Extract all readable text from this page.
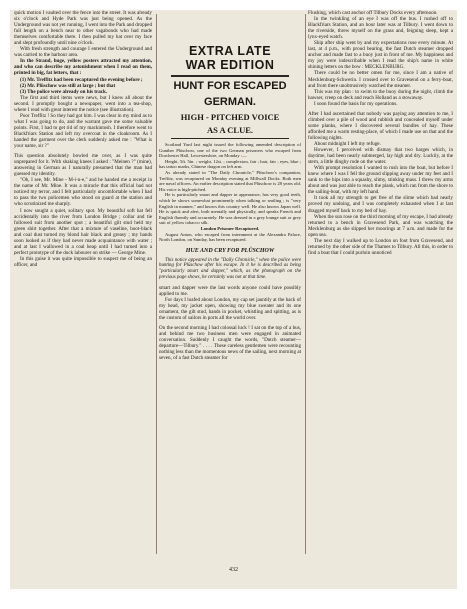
quick motion I vaulted over the fence into the street. It was already six o'clock and Hyde Park was just being opened. As the Underground was not yet running, I went into the Park and dropped full length on a bench near to other vagabonds who had made themselves comfortable there. I then pulled my hat over my face and slept profoundly until nine o'clock.

With fresh strength and courage I entered the Underground and was carried to the harbour area.

In the Strand, huge, yellow posters attracted my attention, and who can describe my astonishment when I read on them, printed in big, fat letters, that :

(1) Mr. Treffitz had been recaptured the evening before ;

(2) Mr. Plüschow was still at large ; but that

(3) The police were already on his track.

The first and third items were news, but I knew all about the second. I promptly bought a newspaper, went into a tea-shop, where I read with great interest the notice (see illustration).

Poor Treffitz ! So they had got him. I was clear in my mind as to what I was going to do, and the warrant gave me some valuable points. First, I had to get rid of my mackintosh. I therefore went to Blackfriars Station and left my overcoat in the cloakroom. As I handed the garment over the clerk suddenly asked me : "What is your name, sir ?"

This question absolutely bowled me over, as I was quite unprepared for it. With shaking knees I asked : "Meinen ?" (mine), answering in German as I naturally presumed that the man had guessed my identity.

"Oh, I see, Mr. Mine - M-i-n-e," and he handed me a receipt in the name of Mr. Mine. It was a miracle that this official had not noticed my terror, and I felt particularly uncomfortable when I had to pass the two policemen who stood on guard at the station and who scrutinized me sharply.

I now sought a quiet, solitary spot. My beautiful soft hat fell accidentally into the river from London Bridge ; collar and tie followed suit from another spot ; a beautiful gilt stud held my green shirt together. After that a mixture of vaseline, boot-black and coal dust turned my blond hair black and greasy ; my hands soon looked as if they had never made acquaintance with water ; and at last I wallowed in a coal heap until I had turned into a perfect prototype of the dock labourer on strike — George Mine.

In this guise it was quite impossible to suspect me of being an officer, and

EXTRA LATE
WAR EDITION
HUNT FOR ESCAPED
GERMAN.
HIGH - PITCHED VOICE
AS A CLUE.

Scotland Yard last night issued the following amended description of Gunther Plüschow, one of the two German prisoners who escaped from Dorchester Hall, Leicestershire, on Monday :—

Height, 5ft. 5in. ; weight, 12st. ; complexion, fair ; hair, fair ; eyes, blue ; has tattoo marks, Chinese dragon on left arm.

As already stated in "The Daily Chronicle," Plüschow's companion, Treffitz, was recaptured on Monday evening at Millwall Docks. Both men are naval officers. An earlier description stated that Plüschow is 28 years old. His voice is high-pitched.

He is particularly smart and dapper in appearance, has very good teeth, which he shows somewhat prominently when talking or smiling ; is "very English in manner," and knows this country well. He also knows Japan well. He is quick and alert, both mentally and physically, and speaks French and English fluently and accurately. He was dressed in a grey lounge suit or grey suit of yellow tobacco silk.

London Prisoner Recaptured.

August Anton, who escaped from internment at the Alexandra Palace, North London, on Sunday, has been recaptured.

HUE AND CRY FOR PLÜSCHOW

This notice appeared in the "Daily Chronicle," when the police were hunting for Plüschow after his escape. In it he is described as being "particularly smart and dapper," which, as the photograph on the previous page shows, he certainly was not at that time.

smart and dapper were the last words anyone could have possibly applied to me.

For days I loafed about London, my cap set jauntily at the back of my head, my jacket open, showing my blue sweater and its one ornament, the gilt stud, hands in pocket, whistling and spitting, as is the custom of sailors in ports all the world over.

On the second morning I had colossal luck ! I sat on the top of a bus, and behind me two business men were engaged in animated conversation. Suddenly I caught the words, "Dutch steamer—departure—Tilbury." . . . . These careless gentlemen were recounting nothing less than the momentous news of the sailing, next morning at seven, of a fast Dutch steamer for

Flushing, which cast anchor off Tilbury Docks every afternoon.

In the twinkling of an eye I was off the bus. I rushed off to Blackfriars Station, and an hour later was at Tilbury. I went down to the riverside, threw myself on the grass and, feigning sleep, kept a lynx-eyed watch.

Ship after ship went by and my expectations rose every minute. At last, at 4 p.m., with proud bearing, the fast Dutch steamer dropped anchor and made fast to a buoy just in front of me. My happiness and my joy were indescribable when I read the ship's name in white shining letters on the bow : MECKLENBURG.

There could be no better omen for me, since I am a native of Mecklenburg-Schwerin. I crossed over to Gravesend on a ferry-boat, and from there unobtrusively watched the steamer.

This was my plan : to swim to the buoy during the night, climb the hawser, creep on deck and reach Holland as a stowaway.

I soon found the basis for my operations.

After I had ascertained that nobody was paying any attention to me, I climbed over a pile of wood and rubbish and concealed myself under some planks, where I discovered several bundles of hay. These afforded me a warm resting-place, of which I made use on that and the following nights.

About midnight I left my refuge.

However, I perceived with dismay that two barges which, in daytime, had been nearly submerged, lay high and dry. Luckily, at the stern, a little dinghy rode on the water.

With prompt resolution I wanted to rush into the boat, but before I knew where I was I fell the ground slipping away under my feet and I sank to the hips into a squashy, slimy, stinking mass. I threw my arms about and was just able to reach the plank, which ran from the shore to the sailing-boat, with my left hand.

It took all my strength to get free of the slime which had nearly proved my undoing, and I was completely exhausted when I at last dragged myself back to my bed of hay.

When the sun rose on the third morning of my escape, I had already returned to a bench in Gravesend Park, and was watching the Mecklenburg as she slipped her moorings at 7 a.m. and made for the open sea.

The next day I walked up to London on foot from Gravesend, and returned by the other side of the Thames to Tilbury. All this, in order to find a boat that I could purloin unnoticed

432
